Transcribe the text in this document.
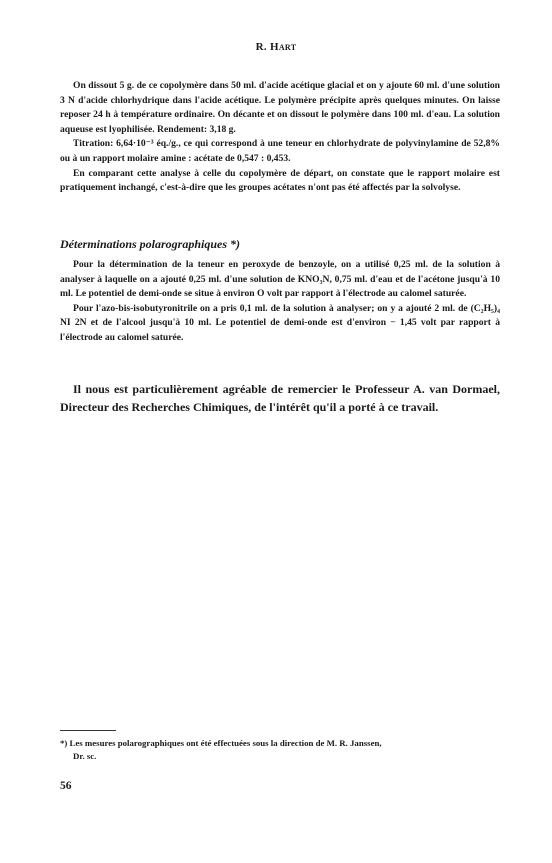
R. Hart

On dissout 5 g. de ce copolymère dans 50 ml. d'acide acétique glacial et on y ajoute 60 ml. d'une solution 3 N d'acide chlorhydrique dans l'acide acétique. Le polymère précipite après quelques minutes. On laisse reposer 24 h à température ordinaire. On décante et on dissout le polymère dans 100 ml. d'eau. La solution aqueuse est lyophilisée. Rendement: 3,18 g.

Titration: 6,64·10⁻³ éq./g., ce qui correspond à une teneur en chlorhydrate de polyvinylamine de 52,8% ou à un rapport molaire amine : acétate de 0,547 : 0,453.

En comparant cette analyse à celle du copolymère de départ, on constate que le rapport molaire est pratiquement inchangé, c'est-à-dire que les groupes acétates n'ont pas été affectés par la solvolyse.

Déterminations polarographiques *)

Pour la détermination de la teneur en peroxyde de benzoyle, on a utilisé 0,25 ml. de la solution à analyser à laquelle on a ajouté 0,25 ml. d'une solution de KNO₃N, 0,75 ml. d'eau et de l'acétone jusqu'à 10 ml. Le potentiel de demi-onde se situe à environ O volt par rapport à l'électrode au calomel saturée.

Pour l'azo-bis-isobutyronitrile on a pris 0,1 ml. de la solution à analyser; on y a ajouté 2 ml. de (C₂H₅)₄ NI 2N et de l'alcool jusqu'à 10 ml. Le potentiel de demi-onde est d'environ − 1,45 volt par rapport à l'électrode au calomel saturée.

Il nous est particulièrement agréable de remercier le Professeur A. van Dormael, Directeur des Recherches Chimiques, de l'intérêt qu'il a porté à ce travail.
*) Les mesures polarographiques ont été effectuées sous la direction de M. R. Janssen,
Dr. sc.
56
